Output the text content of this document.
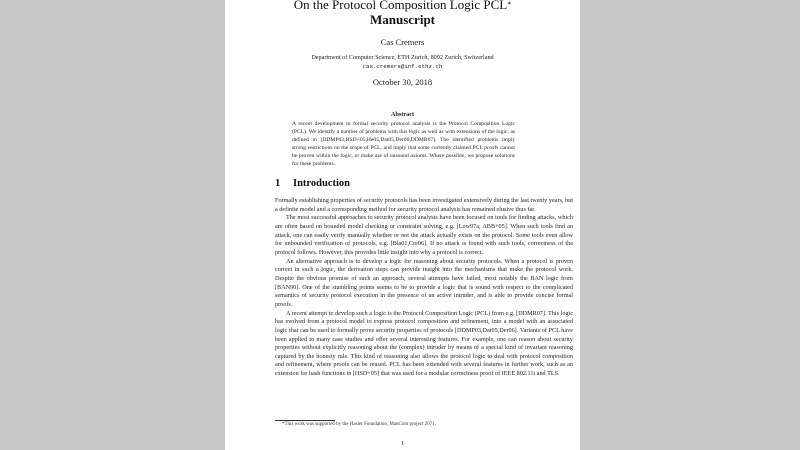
On the Protocol Composition Logic PCL*
Manuscript
Cas Cremers
Department of Computer Science, ETH Zurich, 8092 Zurich, Switzerland
cas.cremers@inf.ethz.ch
October 30, 2018
Abstract
A recent development in formal security protocol analysis is the Protocol Composition Logic (PCL). We identify a number of problems with this logic as well as with extensions of the logic, as defined in [DDMP03,HSD+05,He05,Dat05,Der06,DDMR07]. The identified problems imply strong restrictions on the scope of PCL, and imply that some currently claimed PCL proofs cannot be proven within the logic, or make use of unsound axioms. Where possible, we propose solutions for these problems.
1 Introduction

Formally establishing properties of security protocols has been investigated extensively during the last twenty years, but a definite model and a corresponding method for security protocol analysis has remained elusive thus far.

The most successful approaches to security protocol analysis have been focused on tools for finding attacks, which are often based on bounded model checking or constraint solving, e.g. [Low97a, ABB+05]. When such tools find an attack, one can easily verify manually whether or not the attack actually exists on the protocol. Some tools even allow for unbounded verification of protocols, e.g. [Bla01,Cre06]. If no attack is found with such tools, correctness of the protocol follows. However, this provides little insight into why a protocol is correct.

An alternative approach is to develop a logic for reasoning about security protocols. When a protocol is proven correct in such a logic, the derivation steps can provide insight into the mechanisms that make the protocol work. Despite the obvious promise of such an approach, several attempts have failed, most notably the BAN logic from [BAN90]. One of the stumbling points seems to be to provide a logic that is sound with respect to the complicated semantics of security protocol execution in the presence of an active intruder, and is able to provide concise formal proofs.

A recent attempt to develop such a logic is the Protocol Composition Logic (PCL) from e.g. [DDMR07]. This logic has evolved from a protocol model to express protocol composition and refinement, into a model with an associated logic that can be used to formally prove security properties of protocols [DDMP03,Dat05,Der06]. Variants of PCL have been applied to many case studies and offer several interesting features. For example, one can reason about security properties without explicitly reasoning about the (complex) intruder by means of a special kind of invariant reasoning captured by the honesty rule. This kind of reasoning also allows the protocol logic to deal with protocol composition and refinement, where proofs can be reused. PCL has been extended with several features in further work, such as an extension for hash functions in [HSD+05] that was used for a modular correctness proof of IEEE 802.11i and TLS.

*This work was supported by the Hasler Foundation, ManCom project 2071.
1
